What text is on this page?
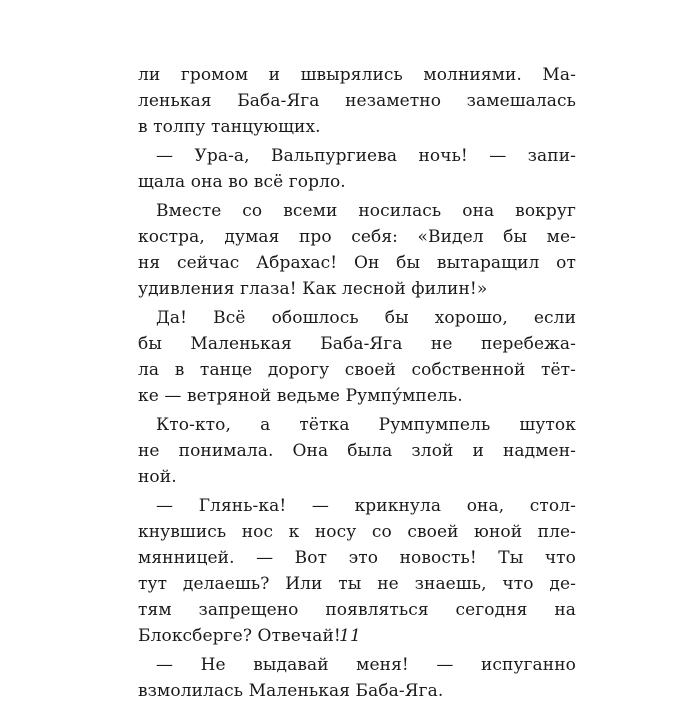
ли громом и швырялись молниями. Ма-
ленькая Баба-Яга незаметно замешалась
в толпу танцующих.
— Ура-а, Вальпургиева ночь! — запи-
щала она во всё горло.
Вместе со всеми носилась она вокруг
костра, думая про себя: «Видел бы ме-
ня сейчас Абрахас! Он бы вытаращил от
удивления глаза! Как лесной филин!»
Да! Всё обошлось бы хорошо, если
бы Маленькая Баба-Яга не перебежа-
ла в танце дорогу своей собственной тёт-
ке — ветряной ведьме Румпу́мпель.
Кто-кто, а тётка Румпумпель шуток
не понимала. Она была злой и надмен-
ной.
— Глянь-ка! — крикнула она, стол-
кнувшись нос к носу со своей юной пле-
мянницей. — Вот это новость! Ты что
тут делаешь? Или ты не знаешь, что де-
тям запрещено появляться сегодня на
Блоксберге? Отвечай!
— Не выдавай меня! — испуганно
взмолилась Маленькая Баба-Яга.
11
